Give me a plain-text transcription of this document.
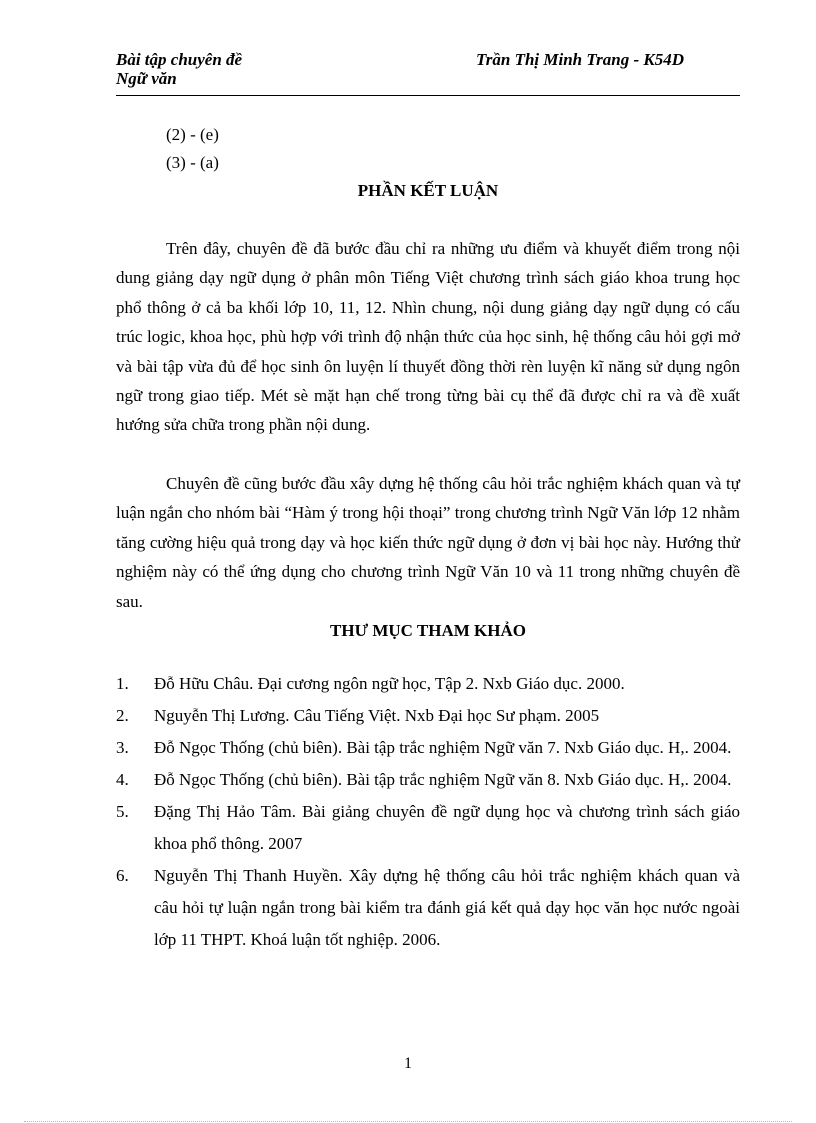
Bài tập chuyên đề
Ngữ văn
Trần Thị Minh Trang - K54D
(2) - (e)
(3) - (a)
PHẦN KẾT LUẬN

Trên đây, chuyên đề đã bước đầu chỉ ra những ưu điểm và khuyết điểm trong nội dung giảng dạy ngữ dụng ở phân môn Tiếng Việt chương trình sách giáo khoa trung học phổ thông ở cả ba khối lớp 10, 11, 12. Nhìn chung, nội dung giảng dạy ngữ dụng có cấu trúc logic, khoa học, phù hợp với trình độ nhận thức của học sinh, hệ thống câu hỏi gợi mở và bài tập vừa đủ để học sinh ôn luyện lí thuyết đồng thời rèn luyện kĩ năng sử dụng ngôn ngữ trong giao tiếp. Mét sè mặt hạn chế trong từng bài cụ thể đã được chỉ ra và đề xuất hướng sửa chữa trong phần nội dung.

Chuyên đề cũng bước đầu xây dựng hệ thống câu hỏi trắc nghiệm khách quan và tự luận ngắn cho nhóm bài “Hàm ý trong hội thoại” trong chương trình Ngữ Văn lớp 12 nhằm tăng cường hiệu quả trong dạy và học kiến thức ngữ dụng ở đơn vị bài học này. Hướng thử nghiệm này có thể ứng dụng cho chương trình Ngữ Văn 10 và 11 trong những chuyên đề sau.

THƯ MỤC THAM KHẢO
1. Đỗ Hữu Châu. Đại cương ngôn ngữ học, Tập 2. Nxb Giáo dục. 2000.
2. Nguyễn Thị Lương. Câu Tiếng Việt. Nxb Đại học Sư phạm. 2005
3. Đỗ Ngọc Thống (chủ biên). Bài tập trắc nghiệm Ngữ văn 7. Nxb Giáo dục. H,. 2004.
4. Đỗ Ngọc Thống (chủ biên). Bài tập trắc nghiệm Ngữ văn 8. Nxb Giáo dục. H,. 2004.
5. Đặng Thị Hảo Tâm. Bài giảng chuyên đề ngữ dụng học và chương trình sách giáo khoa phổ thông. 2007
6. Nguyễn Thị Thanh Huyền. Xây dựng hệ thống câu hỏi trắc nghiệm khách quan và câu hỏi tự luận ngắn trong bài kiểm tra đánh giá kết quả dạy học văn học nước ngoài lớp 11 THPT. Khoá luận tốt nghiệp. 2006.
1
